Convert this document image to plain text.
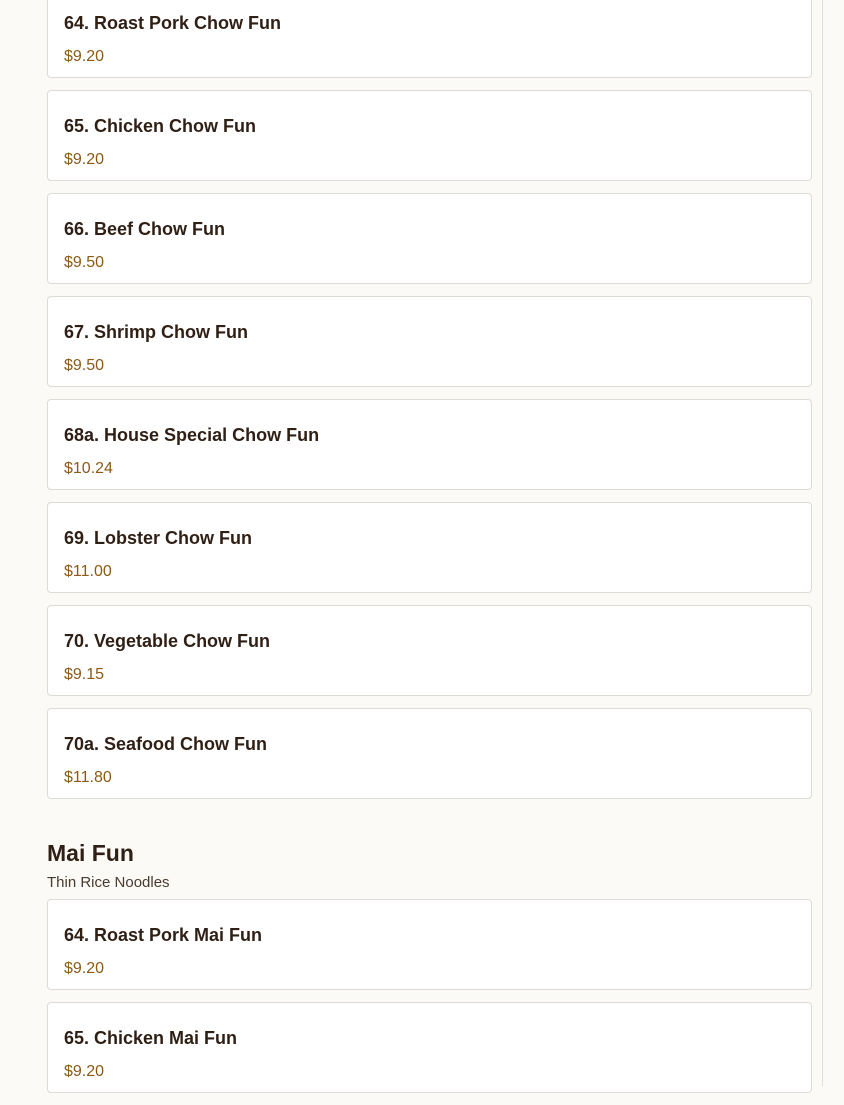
64. Roast Pork Chow Fun
$9.20
65. Chicken Chow Fun
$9.20
66. Beef Chow Fun
$9.50
67. Shrimp Chow Fun
$9.50
68a. House Special Chow Fun
$10.24
69. Lobster Chow Fun
$11.00
70. Vegetable Chow Fun
$9.15
70a. Seafood Chow Fun
$11.80
Mai Fun
Thin Rice Noodles
64. Roast Pork Mai Fun
$9.20
65. Chicken Mai Fun
$9.20
